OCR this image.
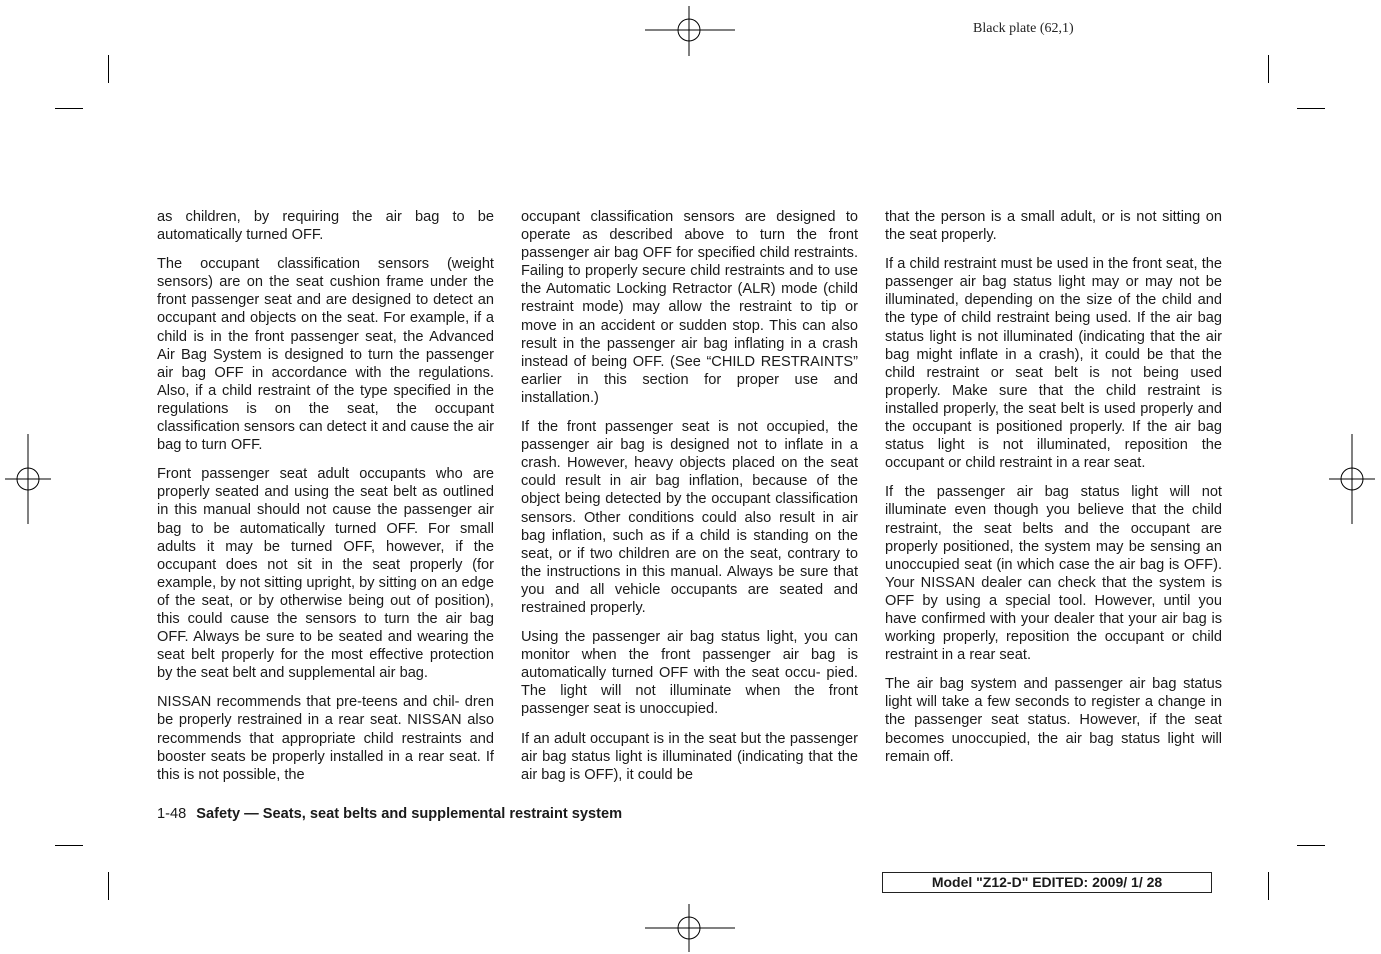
Black plate (62,1)

as children, by requiring the air bag to be automatically turned OFF.

The occupant classification sensors (weight sensors) are on the seat cushion frame under the front passenger seat and are designed to detect an occupant and objects on the seat. For example, if a child is in the front passenger seat, the Advanced Air Bag System is designed to turn the passenger air bag OFF in accordance with the regulations. Also, if a child restraint of the type specified in the regulations is on the seat, the occupant classification sensors can detect it and cause the air bag to turn OFF.

Front passenger seat adult occupants who are properly seated and using the seat belt as outlined in this manual should not cause the passenger air bag to be automatically turned OFF. For small adults it may be turned OFF, however, if the occupant does not sit in the seat properly (for example, by not sitting upright, by sitting on an edge of the seat, or by otherwise being out of position), this could cause the sensors to turn the air bag OFF. Always be sure to be seated and wearing the seat belt properly for the most effective protection by the seat belt and supplemental air bag.

NISSAN recommends that pre-teens and chil- dren be properly restrained in a rear seat. NISSAN also recommends that appropriate child restraints and booster seats be properly installed in a rear seat. If this is not possible, the

occupant classification sensors are designed to operate as described above to turn the front passenger air bag OFF for specified child restraints. Failing to properly secure child restraints and to use the Automatic Locking Retractor (ALR) mode (child restraint mode) may allow the restraint to tip or move in an accident or sudden stop. This can also result in the passenger air bag inflating in a crash instead of being OFF. (See “CHILD RESTRAINTS” earlier in this section for proper use and installation.)

If the front passenger seat is not occupied, the passenger air bag is designed not to inflate in a crash. However, heavy objects placed on the seat could result in air bag inflation, because of the object being detected by the occupant classification sensors. Other conditions could also result in air bag inflation, such as if a child is standing on the seat, or if two children are on the seat, contrary to the instructions in this manual. Always be sure that you and all vehicle occupants are seated and restrained properly.

Using the passenger air bag status light, you can monitor when the front passenger air bag is automatically turned OFF with the seat occu- pied. The light will not illuminate when the front passenger seat is unoccupied.

If an adult occupant is in the seat but the passenger air bag status light is illuminated (indicating that the air bag is OFF), it could be

that the person is a small adult, or is not sitting on the seat properly.

If a child restraint must be used in the front seat, the passenger air bag status light may or may not be illuminated, depending on the size of the child and the type of child restraint being used. If the air bag status light is not illuminated (indicating that the air bag might inflate in a crash), it could be that the child restraint or seat belt is not being used properly. Make sure that the child restraint is installed properly, the seat belt is used properly and the occupant is positioned properly. If the air bag status light is not illuminated, reposition the occupant or child restraint in a rear seat.

If the passenger air bag status light will not illuminate even though you believe that the child restraint, the seat belts and the occupant are properly positioned, the system may be sensing an unoccupied seat (in which case the air bag is OFF). Your NISSAN dealer can check that the system is OFF by using a special tool. However, until you have confirmed with your dealer that your air bag is working properly, reposition the occupant or child restraint in a rear seat.

The air bag system and passenger air bag status light will take a few seconds to register a change in the passenger seat status. However, if the seat becomes unoccupied, the air bag status light will remain off.

1-48 Safety — Seats, seat belts and supplemental restraint system
Model "Z12-D" EDITED: 2009/ 1/ 28
